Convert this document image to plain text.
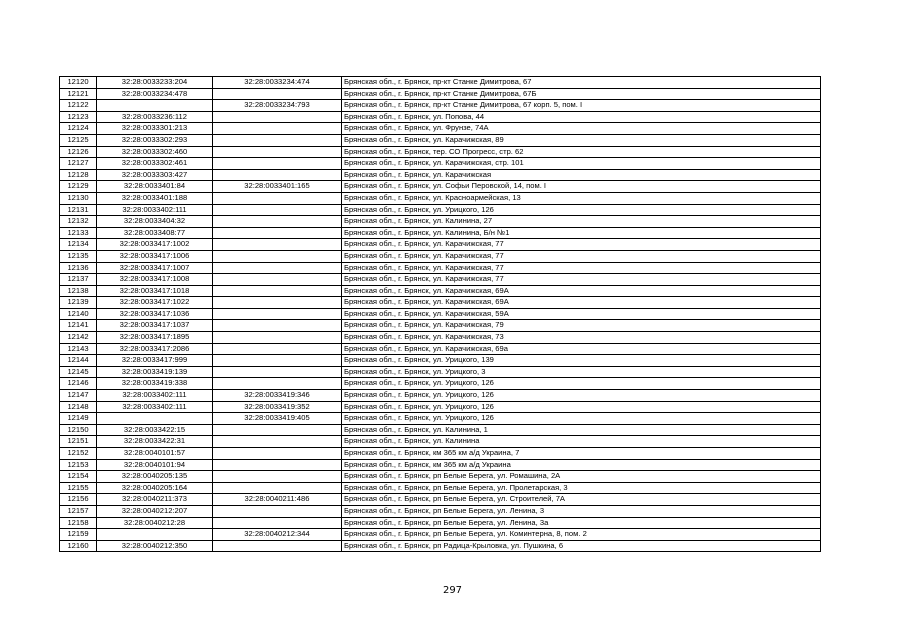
12120	32:28:0033233:204	32:28:0033234:474	Брянская обл., г. Брянск, пр-кт Станке Димитрова, 67
12121	32:28:0033234:478		Брянская обл., г. Брянск, пр-кт Станке Димитрова, 67Б
12122		32:28:0033234:793	Брянская обл., г. Брянск, пр-кт Станке Димитрова, 67 корп. 5, пом. I
12123	32:28:0033236:112		Брянская обл., г. Брянск, ул. Попова, 44
12124	32:28:0033301:213		Брянская обл., г. Брянск, ул. Фрунзе, 74А
12125	32:28:0033302:293		Брянская обл., г. Брянск, ул. Карачижская, 89
12126	32:28:0033302:460		Брянская обл., г. Брянск, тер. СО Прогресс, стр. 62
12127	32:28:0033302:461		Брянская обл., г. Брянск, ул. Карачижская, стр. 101
12128	32:28:0033303:427		Брянская обл., г. Брянск, ул. Карачижская
12129	32:28:0033401:84	32:28:0033401:165	Брянская обл., г. Брянск, ул. Софьи Перовской, 14, пом. I
12130	32:28:0033401:188		Брянская обл., г. Брянск, ул. Красноармейская, 13
12131	32:28:0033402:111		Брянская обл., г. Брянск, ул. Урицкого, 126
12132	32:28:0033404:32		Брянская обл., г. Брянск, ул. Калинина, 27
12133	32:28:0033408:77		Брянская обл., г. Брянск, ул. Калинина, Б/н №1
12134	32:28:0033417:1002		Брянская обл., г. Брянск, ул. Карачижская, 77
12135	32:28:0033417:1006		Брянская обл., г. Брянск, ул. Карачижская, 77
12136	32:28:0033417:1007		Брянская обл., г. Брянск, ул. Карачижская, 77
12137	32:28:0033417:1008		Брянская обл., г. Брянск, ул. Карачижская, 77
12138	32:28:0033417:1018		Брянская обл., г. Брянск, ул. Карачижская, 69А
12139	32:28:0033417:1022		Брянская обл., г. Брянск, ул. Карачижская, 69А
12140	32:28:0033417:1036		Брянская обл., г. Брянск, ул. Карачижская, 59А
12141	32:28:0033417:1037		Брянская обл., г. Брянск, ул. Карачижская, 79
12142	32:28:0033417:1895		Брянская обл., г. Брянск, ул. Карачижская, 73
12143	32:28:0033417:2086		Брянская обл., г. Брянск, ул. Карачижская, 69а
12144	32:28:0033417:999		Брянская обл., г. Брянск, ул. Урицкого, 139
12145	32:28:0033419:139		Брянская обл., г. Брянск, ул. Урицкого, 3
12146	32:28:0033419:338		Брянская обл., г. Брянск, ул. Урицкого, 126
12147	32:28:0033402:111	32:28:0033419:346	Брянская обл., г. Брянск, ул. Урицкого, 126
12148	32:28:0033402:111	32:28:0033419:352	Брянская обл., г. Брянск, ул. Урицкого, 126
12149		32:28:0033419:405	Брянская обл., г. Брянск, ул. Урицкого, 126
12150	32:28:0033422:15		Брянская обл., г. Брянск, ул. Калинина, 1
12151	32:28:0033422:31		Брянская обл., г. Брянск, ул. Калинина
12152	32:28:0040101:57		Брянская обл., г. Брянск, км 365 км а/д Украина, 7
12153	32:28:0040101:94		Брянская обл., г. Брянск, км 365 км а/д Украина
12154	32:28:0040205:135		Брянская обл., г. Брянск, рп Белые Берега, ул. Ромашина, 2А
12155	32:28:0040205:164		Брянская обл., г. Брянск, рп Белые Берега, ул. Пролетарская, 3
12156	32:28:0040211:373	32:28:0040211:486	Брянская обл., г. Брянск, рп Белые Берега, ул. Строителей, 7А
12157	32:28:0040212:207		Брянская обл., г. Брянск, рп Белые Берега, ул. Ленина, 3
12158	32:28:0040212:28		Брянская обл., г. Брянск, рп Белые Берега, ул. Ленина, 3а
12159		32:28:0040212:344	Брянская обл., г. Брянск, рп Белые Берега, ул. Коминтерна, 8, пом. 2
12160	32:28:0040212:350		Брянская обл., г. Брянск, рп Радица-Крыловка, ул. Пушкина, 6
297
